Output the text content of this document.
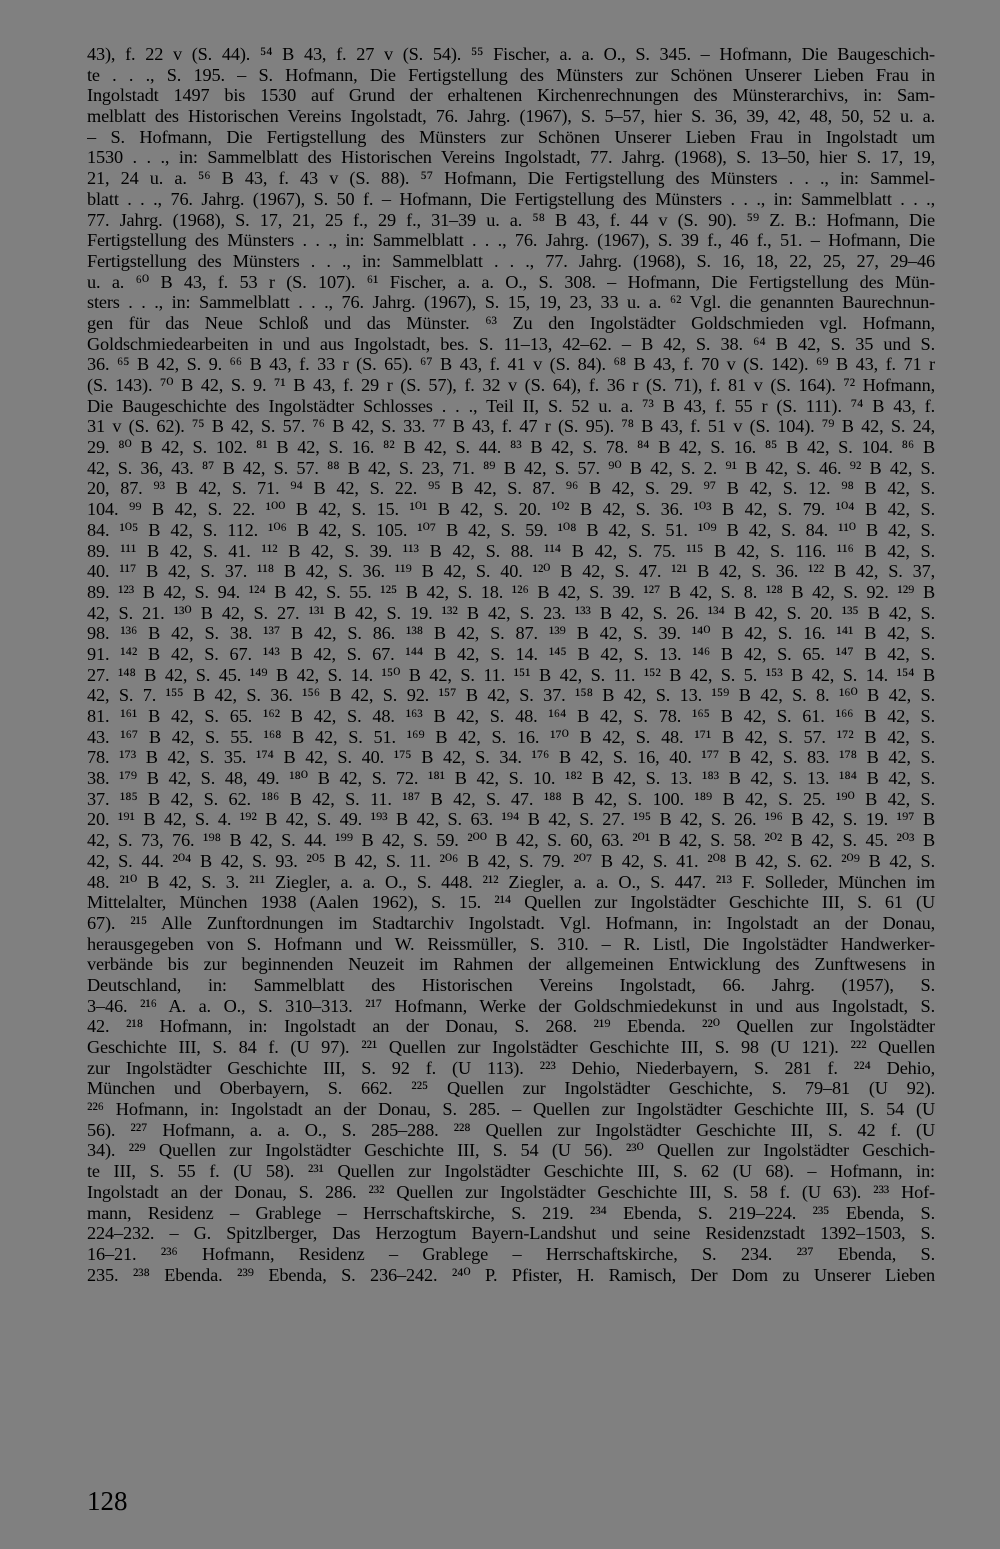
43), f. 22 v (S. 44). ⁵⁴ B 43, f. 27 v (S. 54). ⁵⁵ Fischer, a. a. O., S. 345. – Hofmann, Die Baugeschich-
te . . ., S. 195. – S. Hofmann, Die Fertigstellung des Münsters zur Schönen Unserer Lieben Frau in
Ingolstadt 1497 bis 1530 auf Grund der erhaltenen Kirchenrechnungen des Münsterarchivs, in: Sam-
melblatt des Historischen Vereins Ingolstadt, 76. Jahrg. (1967), S. 5–57, hier S. 36, 39, 42, 48, 50, 52 u. a.
– S. Hofmann, Die Fertigstellung des Münsters zur Schönen Unserer Lieben Frau in Ingolstadt um
1530 . . ., in: Sammelblatt des Historischen Vereins Ingolstadt, 77. Jahrg. (1968), S. 13–50, hier S. 17, 19,
21, 24 u. a. ⁵⁶ B 43, f. 43 v (S. 88). ⁵⁷ Hofmann, Die Fertigstellung des Münsters . . ., in: Sammel-
blatt . . ., 76. Jahrg. (1967), S. 50 f. – Hofmann, Die Fertigstellung des Münsters . . ., in: Sammelblatt . . .,
77. Jahrg. (1968), S. 17, 21, 25 f., 29 f., 31–39 u. a. ⁵⁸ B 43, f. 44 v (S. 90). ⁵⁹ Z. B.: Hofmann, Die
Fertigstellung des Münsters . . ., in: Sammelblatt . . ., 76. Jahrg. (1967), S. 39 f., 46 f., 51. – Hofmann, Die
Fertigstellung des Münsters . . ., in: Sammelblatt . . ., 77. Jahrg. (1968), S. 16, 18, 22, 25, 27, 29–46
u. a. ⁶⁰ B 43, f. 53 r (S. 107). ⁶¹ Fischer, a. a. O., S. 308. – Hofmann, Die Fertigstellung des Mün-
sters . . ., in: Sammelblatt . . ., 76. Jahrg. (1967), S. 15, 19, 23, 33 u. a. ⁶² Vgl. die genannten Baurechnun-
gen für das Neue Schloß und das Münster. ⁶³ Zu den Ingolstädter Goldschmieden vgl. Hofmann,
Goldschmiedearbeiten in und aus Ingolstadt, bes. S. 11–13, 42–62. – B 42, S. 38. ⁶⁴ B 42, S. 35 und S.
36. ⁶⁵ B 42, S. 9. ⁶⁶ B 43, f. 33 r (S. 65). ⁶⁷ B 43, f. 41 v (S. 84). ⁶⁸ B 43, f. 70 v (S. 142). ⁶⁹ B 43, f. 71 r
(S. 143). ⁷⁰ B 42, S. 9. ⁷¹ B 43, f. 29 r (S. 57), f. 32 v (S. 64), f. 36 r (S. 71), f. 81 v (S. 164). ⁷² Hofmann,
Die Baugeschichte des Ingolstädter Schlosses . . ., Teil II, S. 52 u. a. ⁷³ B 43, f. 55 r (S. 111). ⁷⁴ B 43, f.
31 v (S. 62). ⁷⁵ B 42, S. 57. ⁷⁶ B 42, S. 33. ⁷⁷ B 43, f. 47 r (S. 95). ⁷⁸ B 43, f. 51 v (S. 104). ⁷⁹ B 42, S. 24,
29. ⁸⁰ B 42, S. 102. ⁸¹ B 42, S. 16. ⁸² B 42, S. 44. ⁸³ B 42, S. 78. ⁸⁴ B 42, S. 16. ⁸⁵ B 42, S. 104. ⁸⁶ B
42, S. 36, 43. ⁸⁷ B 42, S. 57. ⁸⁸ B 42, S. 23, 71. ⁸⁹ B 42, S. 57. ⁹⁰ B 42, S. 2. ⁹¹ B 42, S. 46. ⁹² B 42, S.
20, 87. ⁹³ B 42, S. 71. ⁹⁴ B 42, S. 22. ⁹⁵ B 42, S. 87. ⁹⁶ B 42, S. 29. ⁹⁷ B 42, S. 12. ⁹⁸ B 42, S.
104. ⁹⁹ B 42, S. 22. ¹⁰⁰ B 42, S. 15. ¹⁰¹ B 42, S. 20. ¹⁰² B 42, S. 36. ¹⁰³ B 42, S. 79. ¹⁰⁴ B 42, S.
84. ¹⁰⁵ B 42, S. 112. ¹⁰⁶ B 42, S. 105. ¹⁰⁷ B 42, S. 59. ¹⁰⁸ B 42, S. 51. ¹⁰⁹ B 42, S. 84. ¹¹⁰ B 42, S.
89. ¹¹¹ B 42, S. 41. ¹¹² B 42, S. 39. ¹¹³ B 42, S. 88. ¹¹⁴ B 42, S. 75. ¹¹⁵ B 42, S. 116. ¹¹⁶ B 42, S.
40. ¹¹⁷ B 42, S. 37. ¹¹⁸ B 42, S. 36. ¹¹⁹ B 42, S. 40. ¹²⁰ B 42, S. 47. ¹²¹ B 42, S. 36. ¹²² B 42, S. 37,
89. ¹²³ B 42, S. 94. ¹²⁴ B 42, S. 55. ¹²⁵ B 42, S. 18. ¹²⁶ B 42, S. 39. ¹²⁷ B 42, S. 8. ¹²⁸ B 42, S. 92. ¹²⁹ B
42, S. 21. ¹³⁰ B 42, S. 27. ¹³¹ B 42, S. 19. ¹³² B 42, S. 23. ¹³³ B 42, S. 26. ¹³⁴ B 42, S. 20. ¹³⁵ B 42, S.
98. ¹³⁶ B 42, S. 38. ¹³⁷ B 42, S. 86. ¹³⁸ B 42, S. 87. ¹³⁹ B 42, S. 39. ¹⁴⁰ B 42, S. 16. ¹⁴¹ B 42, S.
91. ¹⁴² B 42, S. 67. ¹⁴³ B 42, S. 67. ¹⁴⁴ B 42, S. 14. ¹⁴⁵ B 42, S. 13. ¹⁴⁶ B 42, S. 65. ¹⁴⁷ B 42, S.
27. ¹⁴⁸ B 42, S. 45. ¹⁴⁹ B 42, S. 14. ¹⁵⁰ B 42, S. 11. ¹⁵¹ B 42, S. 11. ¹⁵² B 42, S. 5. ¹⁵³ B 42, S. 14. ¹⁵⁴ B
42, S. 7. ¹⁵⁵ B 42, S. 36. ¹⁵⁶ B 42, S. 92. ¹⁵⁷ B 42, S. 37. ¹⁵⁸ B 42, S. 13. ¹⁵⁹ B 42, S. 8. ¹⁶⁰ B 42, S.
81. ¹⁶¹ B 42, S. 65. ¹⁶² B 42, S. 48. ¹⁶³ B 42, S. 48. ¹⁶⁴ B 42, S. 78. ¹⁶⁵ B 42, S. 61. ¹⁶⁶ B 42, S.
43. ¹⁶⁷ B 42, S. 55. ¹⁶⁸ B 42, S. 51. ¹⁶⁹ B 42, S. 16. ¹⁷⁰ B 42, S. 48. ¹⁷¹ B 42, S. 57. ¹⁷² B 42, S.
78. ¹⁷³ B 42, S. 35. ¹⁷⁴ B 42, S. 40. ¹⁷⁵ B 42, S. 34. ¹⁷⁶ B 42, S. 16, 40. ¹⁷⁷ B 42, S. 83. ¹⁷⁸ B 42, S.
38. ¹⁷⁹ B 42, S. 48, 49. ¹⁸⁰ B 42, S. 72. ¹⁸¹ B 42, S. 10. ¹⁸² B 42, S. 13. ¹⁸³ B 42, S. 13. ¹⁸⁴ B 42, S.
37. ¹⁸⁵ B 42, S. 62. ¹⁸⁶ B 42, S. 11. ¹⁸⁷ B 42, S. 47. ¹⁸⁸ B 42, S. 100. ¹⁸⁹ B 42, S. 25. ¹⁹⁰ B 42, S.
20. ¹⁹¹ B 42, S. 4. ¹⁹² B 42, S. 49. ¹⁹³ B 42, S. 63. ¹⁹⁴ B 42, S. 27. ¹⁹⁵ B 42, S. 26. ¹⁹⁶ B 42, S. 19. ¹⁹⁷ B
42, S. 73, 76. ¹⁹⁸ B 42, S. 44. ¹⁹⁹ B 42, S. 59. ²⁰⁰ B 42, S. 60, 63. ²⁰¹ B 42, S. 58. ²⁰² B 42, S. 45. ²⁰³ B
42, S. 44. ²⁰⁴ B 42, S. 93. ²⁰⁵ B 42, S. 11. ²⁰⁶ B 42, S. 79. ²⁰⁷ B 42, S. 41. ²⁰⁸ B 42, S. 62. ²⁰⁹ B 42, S.
48. ²¹⁰ B 42, S. 3. ²¹¹ Ziegler, a. a. O., S. 448. ²¹² Ziegler, a. a. O., S. 447. ²¹³ F. Solleder, München im
Mittelalter, München 1938 (Aalen 1962), S. 15. ²¹⁴ Quellen zur Ingolstädter Geschichte III, S. 61 (U
67). ²¹⁵ Alle Zunftordnungen im Stadtarchiv Ingolstadt. Vgl. Hofmann, in: Ingolstadt an der Donau,
herausgegeben von S. Hofmann und W. Reissmüller, S. 310. – R. Listl, Die Ingolstädter Handwerker-
verbände bis zur beginnenden Neuzeit im Rahmen der allgemeinen Entwicklung des Zunftwesens in
Deutschland, in: Sammelblatt des Historischen Vereins Ingolstadt, 66. Jahrg. (1957), S.
3–46. ²¹⁶ A. a. O., S. 310–313. ²¹⁷ Hofmann, Werke der Goldschmiedekunst in und aus Ingolstadt, S.
42. ²¹⁸ Hofmann, in: Ingolstadt an der Donau, S. 268. ²¹⁹ Ebenda. ²²⁰ Quellen zur Ingolstädter
Geschichte III, S. 84 f. (U 97). ²²¹ Quellen zur Ingolstädter Geschichte III, S. 98 (U 121). ²²² Quellen
zur Ingolstädter Geschichte III, S. 92 f. (U 113). ²²³ Dehio, Niederbayern, S. 281 f. ²²⁴ Dehio,
München und Oberbayern, S. 662. ²²⁵ Quellen zur Ingolstädter Geschichte, S. 79–81 (U 92).
²²⁶ Hofmann, in: Ingolstadt an der Donau, S. 285. – Quellen zur Ingolstädter Geschichte III, S. 54 (U
56). ²²⁷ Hofmann, a. a. O., S. 285–288. ²²⁸ Quellen zur Ingolstädter Geschichte III, S. 42 f. (U
34). ²²⁹ Quellen zur Ingolstädter Geschichte III, S. 54 (U 56). ²³⁰ Quellen zur Ingolstädter Geschich-
te III, S. 55 f. (U 58). ²³¹ Quellen zur Ingolstädter Geschichte III, S. 62 (U 68). – Hofmann, in:
Ingolstadt an der Donau, S. 286. ²³² Quellen zur Ingolstädter Geschichte III, S. 58 f. (U 63). ²³³ Hof-
mann, Residenz – Grablege – Herrschaftskirche, S. 219. ²³⁴ Ebenda, S. 219–224. ²³⁵ Ebenda, S.
224–232. – G. Spitzlberger, Das Herzogtum Bayern-Landshut und seine Residenzstadt 1392–1503, S.
16–21. ²³⁶ Hofmann, Residenz – Grablege – Herrschaftskirche, S. 234. ²³⁷ Ebenda, S.
235. ²³⁸ Ebenda. ²³⁹ Ebenda, S. 236–242. ²⁴⁰ P. Pfister, H. Ramisch, Der Dom zu Unserer Lieben
128
